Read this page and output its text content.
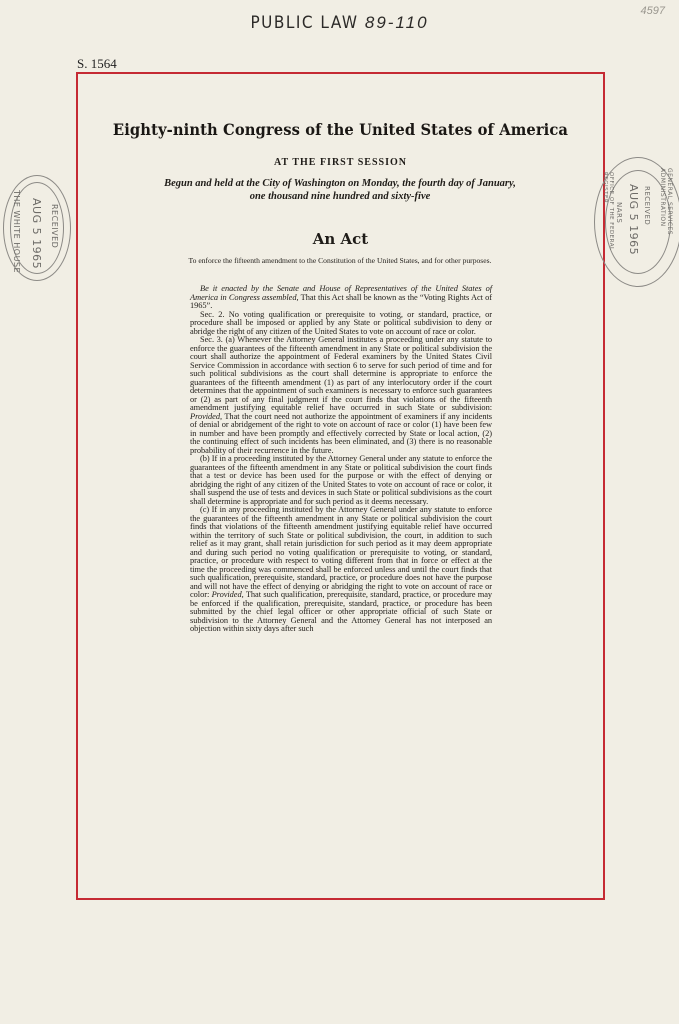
PUBLIC LAW 89-110
4597
S. 1564
Eighty-ninth Congress of the United States of America
AT THE FIRST SESSION
Begun and held at the City of Washington on Monday, the fourth day of January,
one thousand nine hundred and sixty-five
An Act
To enforce the fifteenth amendment to the Constitution of the United States, and for other purposes.

Be it enacted by the Senate and House of Representatives of the United States of America in Congress assembled, That this Act shall be known as the “Voting Rights Act of 1965”.

Sec. 2. No voting qualification or prerequisite to voting, or standard, practice, or procedure shall be imposed or applied by any State or political subdivision to deny or abridge the right of any citizen of the United States to vote on account of race or color.

Sec. 3. (a) Whenever the Attorney General institutes a proceeding under any statute to enforce the guarantees of the fifteenth amendment in any State or political subdivision the court shall authorize the appointment of Federal examiners by the United States Civil Service Commission in accordance with section 6 to serve for such period of time and for such political subdivisions as the court shall determine is appropriate to enforce the guarantees of the fifteenth amendment (1) as part of any interlocutory order if the court determines that the appointment of such examiners is necessary to enforce such guarantees or (2) as part of any final judgment if the court finds that violations of the fifteenth amendment justifying equitable relief have occurred in such State or subdivision: Provided, That the court need not authorize the appointment of examiners if any incidents of denial or abridgement of the right to vote on account of race or color (1) have been few in number and have been promptly and effectively corrected by State or local action, (2) the continuing effect of such incidents has been eliminated, and (3) there is no reasonable probability of their recurrence in the future.

(b) If in a proceeding instituted by the Attorney General under any statute to enforce the guarantees of the fifteenth amendment in any State or political subdivision the court finds that a test or device has been used for the purpose or with the effect of denying or abridging the right of any citizen of the United States to vote on account of race or color, it shall suspend the use of tests and devices in such State or political subdivisions as the court shall determine is appropriate and for such period as it deems necessary.

(c) If in any proceeding instituted by the Attorney General under any statute to enforce the guarantees of the fifteenth amendment in any State or political subdivision the court finds that violations of the fifteenth amendment justifying equitable relief have occurred within the territory of such State or political subdivision, the court, in addition to such relief as it may grant, shall retain jurisdiction for such period as it may deem appropriate and during such period no voting qualification or prerequisite to voting, or standard, practice, or procedure with respect to voting different from that in force or effect at the time the proceeding was commenced shall be enforced unless and until the court finds that such qualification, prerequisite, standard, practice, or procedure does not have the purpose and will not have the effect of denying or abridging the right to vote on account of race or color: Provided, That such qualification, prerequisite, standard, practice, or procedure may be enforced if the qualification, prerequisite, standard, practice, or procedure has been submitted by the chief legal officer or other appropriate official of such State or subdivision to the Attorney General and the Attorney General has not interposed an objection within sixty days after such

THE WHITE HOUSE AUG 5 1965 RECEIVED	GENERAL SERVICES ADMINISTRATION
RECEIVED
AUG 5 1965
NARS
OFFICE OF THE FEDERAL REGISTER
